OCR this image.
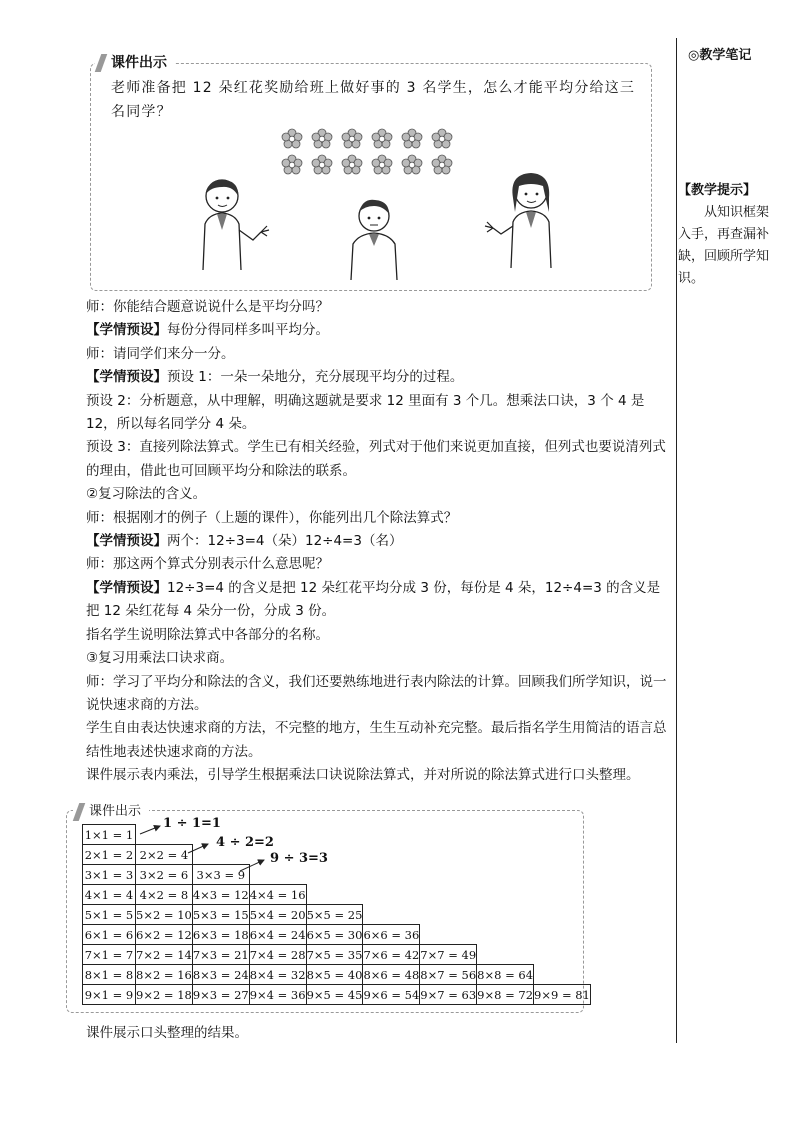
◎教学笔记
【教学提示】
从知识框架入手，再查漏补缺，回顾所学知识。
课件出示
老师准备把 12 朵红花奖励给班上做好事的 3 名学生，怎么才能平均分给这三名同学？

师：你能结合题意说说什么是平均分吗？

【学情预设】每份分得同样多叫平均分。

师：请同学们来分一分。

【学情预设】预设 1：一朵一朵地分，充分展现平均分的过程。

预设 2：分析题意，从中理解，明确这题就是要求 12 里面有 3 个几。想乘法口诀，3 个 4 是 12，所以每名同学分 4 朵。

预设 3：直接列除法算式。学生已有相关经验，列式对于他们来说更加直接，但列式也要说清列式的理由，借此也可回顾平均分和除法的联系。

②复习除法的含义。

师：根据刚才的例子（上题的课件），你能列出几个除法算式？

【学情预设】两个：12÷3=4（朵）12÷4=3（名）

师：那这两个算式分别表示什么意思呢？

【学情预设】12÷3=4 的含义是把 12 朵红花平均分成 3 份，每份是 4 朵，12÷4=3 的含义是把 12 朵红花每 4 朵分一份，分成 3 份。

指名学生说明除法算式中各部分的名称。

③复习用乘法口诀求商。

师：学习了平均分和除法的含义，我们还要熟练地进行表内除法的计算。回顾我们所学知识，说一说快速求商的方法。

学生自由表达快速求商的方法，不完整的地方，生生互动补充完整。最后指名学生用简洁的语言总结性地表述快速求商的方法。

课件展示表内乘法，引导学生根据乘法口诀说除法算式，并对所说的除法算式进行口头整理。

课件出示
1×1 = 1								
2×1 = 2	2×2 = 4							
3×1 = 3	3×2 = 6	3×3 = 9						
4×1 = 4	4×2 = 8	4×3 = 12	4×4 = 16					
5×1 = 5	5×2 = 10	5×3 = 15	5×4 = 20	5×5 = 25				
6×1 = 6	6×2 = 12	6×3 = 18	6×4 = 24	6×5 = 30	6×6 = 36			
7×1 = 7	7×2 = 14	7×3 = 21	7×4 = 28	7×5 = 35	7×6 = 42	7×7 = 49		
8×1 = 8	8×2 = 16	8×3 = 24	8×4 = 32	8×5 = 40	8×6 = 48	8×7 = 56	8×8 = 64	
9×1 = 9	9×2 = 18	9×3 = 27	9×4 = 36	9×5 = 45	9×6 = 54	9×7 = 63	9×8 = 72	9×9 = 81
1 ÷ 1=1
4 ÷ 2=2
9 ÷ 3=3
课件展示口头整理的结果。
